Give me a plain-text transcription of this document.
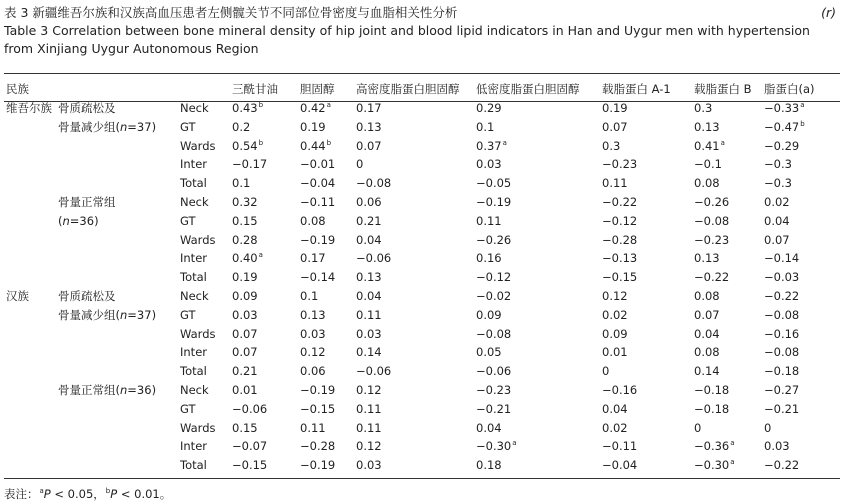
表 3 新疆维吾尔族和汉族高血压患者左侧髋关节不同部位骨密度与血脂相关性分析	(r)
Table 3 Correlation between bone mineral density of hip joint and blood lipid indicators in Han and Uygur men with hypertension from Xinjiang Uygur Autonomous Region
民族			三酰甘油	胆固醇	高密度脂蛋白胆固醇	低密度脂蛋白胆固醇	载脂蛋白 A-1	载脂蛋白 B	脂蛋白(a)
维吾尔族	骨质疏松及	Neck	0.43$^b$	0.42$^a$	0.17	0.29	0.19	0.3	−0.33$^a$
	骨量减少组(n=37)	GT	0.2	0.19	0.13	0.1	0.07	0.13	−0.47$^b$
		Wards	0.54$^b$	0.44$^b$	0.07	0.37$^a$	0.3	0.41$^a$	−0.29
		Inter	−0.17	−0.01	0	0.03	−0.23	−0.1	−0.3
		Total	0.1	−0.04	−0.08	−0.05	0.11	0.08	−0.3
	骨量正常组	Neck	0.32	−0.11	0.06	−0.19	−0.22	−0.26	0.02
	(n=36)	GT	0.15	0.08	0.21	0.11	−0.12	−0.08	0.04
		Wards	0.28	−0.19	0.04	−0.26	−0.28	−0.23	0.07
		Inter	0.40$^a$	0.17	−0.06	0.16	−0.13	0.13	−0.14
		Total	0.19	−0.14	0.13	−0.12	−0.15	−0.22	−0.03
汉族	骨质疏松及	Neck	0.09	0.1	0.04	−0.02	0.12	0.08	−0.22
	骨量减少组(n=37)	GT	0.03	0.13	0.11	0.09	0.02	0.07	−0.08
		Wards	0.07	0.03	0.03	−0.08	0.09	0.04	−0.16
		Inter	0.07	0.12	0.14	0.05	0.01	0.08	−0.08
		Total	0.21	0.06	−0.06	−0.06	0	0.14	−0.18
	骨量正常组(n=36)	Neck	0.01	−0.19	0.12	−0.23	−0.16	−0.18	−0.27
		GT	−0.06	−0.15	0.11	−0.21	0.04	−0.18	−0.21
		Wards	0.15	0.11	0.11	0.04	0.02	0	0
		Inter	−0.07	−0.28	0.12	−0.30$^a$	−0.11	−0.36$^a$	0.03
		Total	−0.15	−0.19	0.03	0.18	−0.04	−0.30$^a$	−0.22
表注：$^a$P < 0.05，$^b$P < 0.01。
